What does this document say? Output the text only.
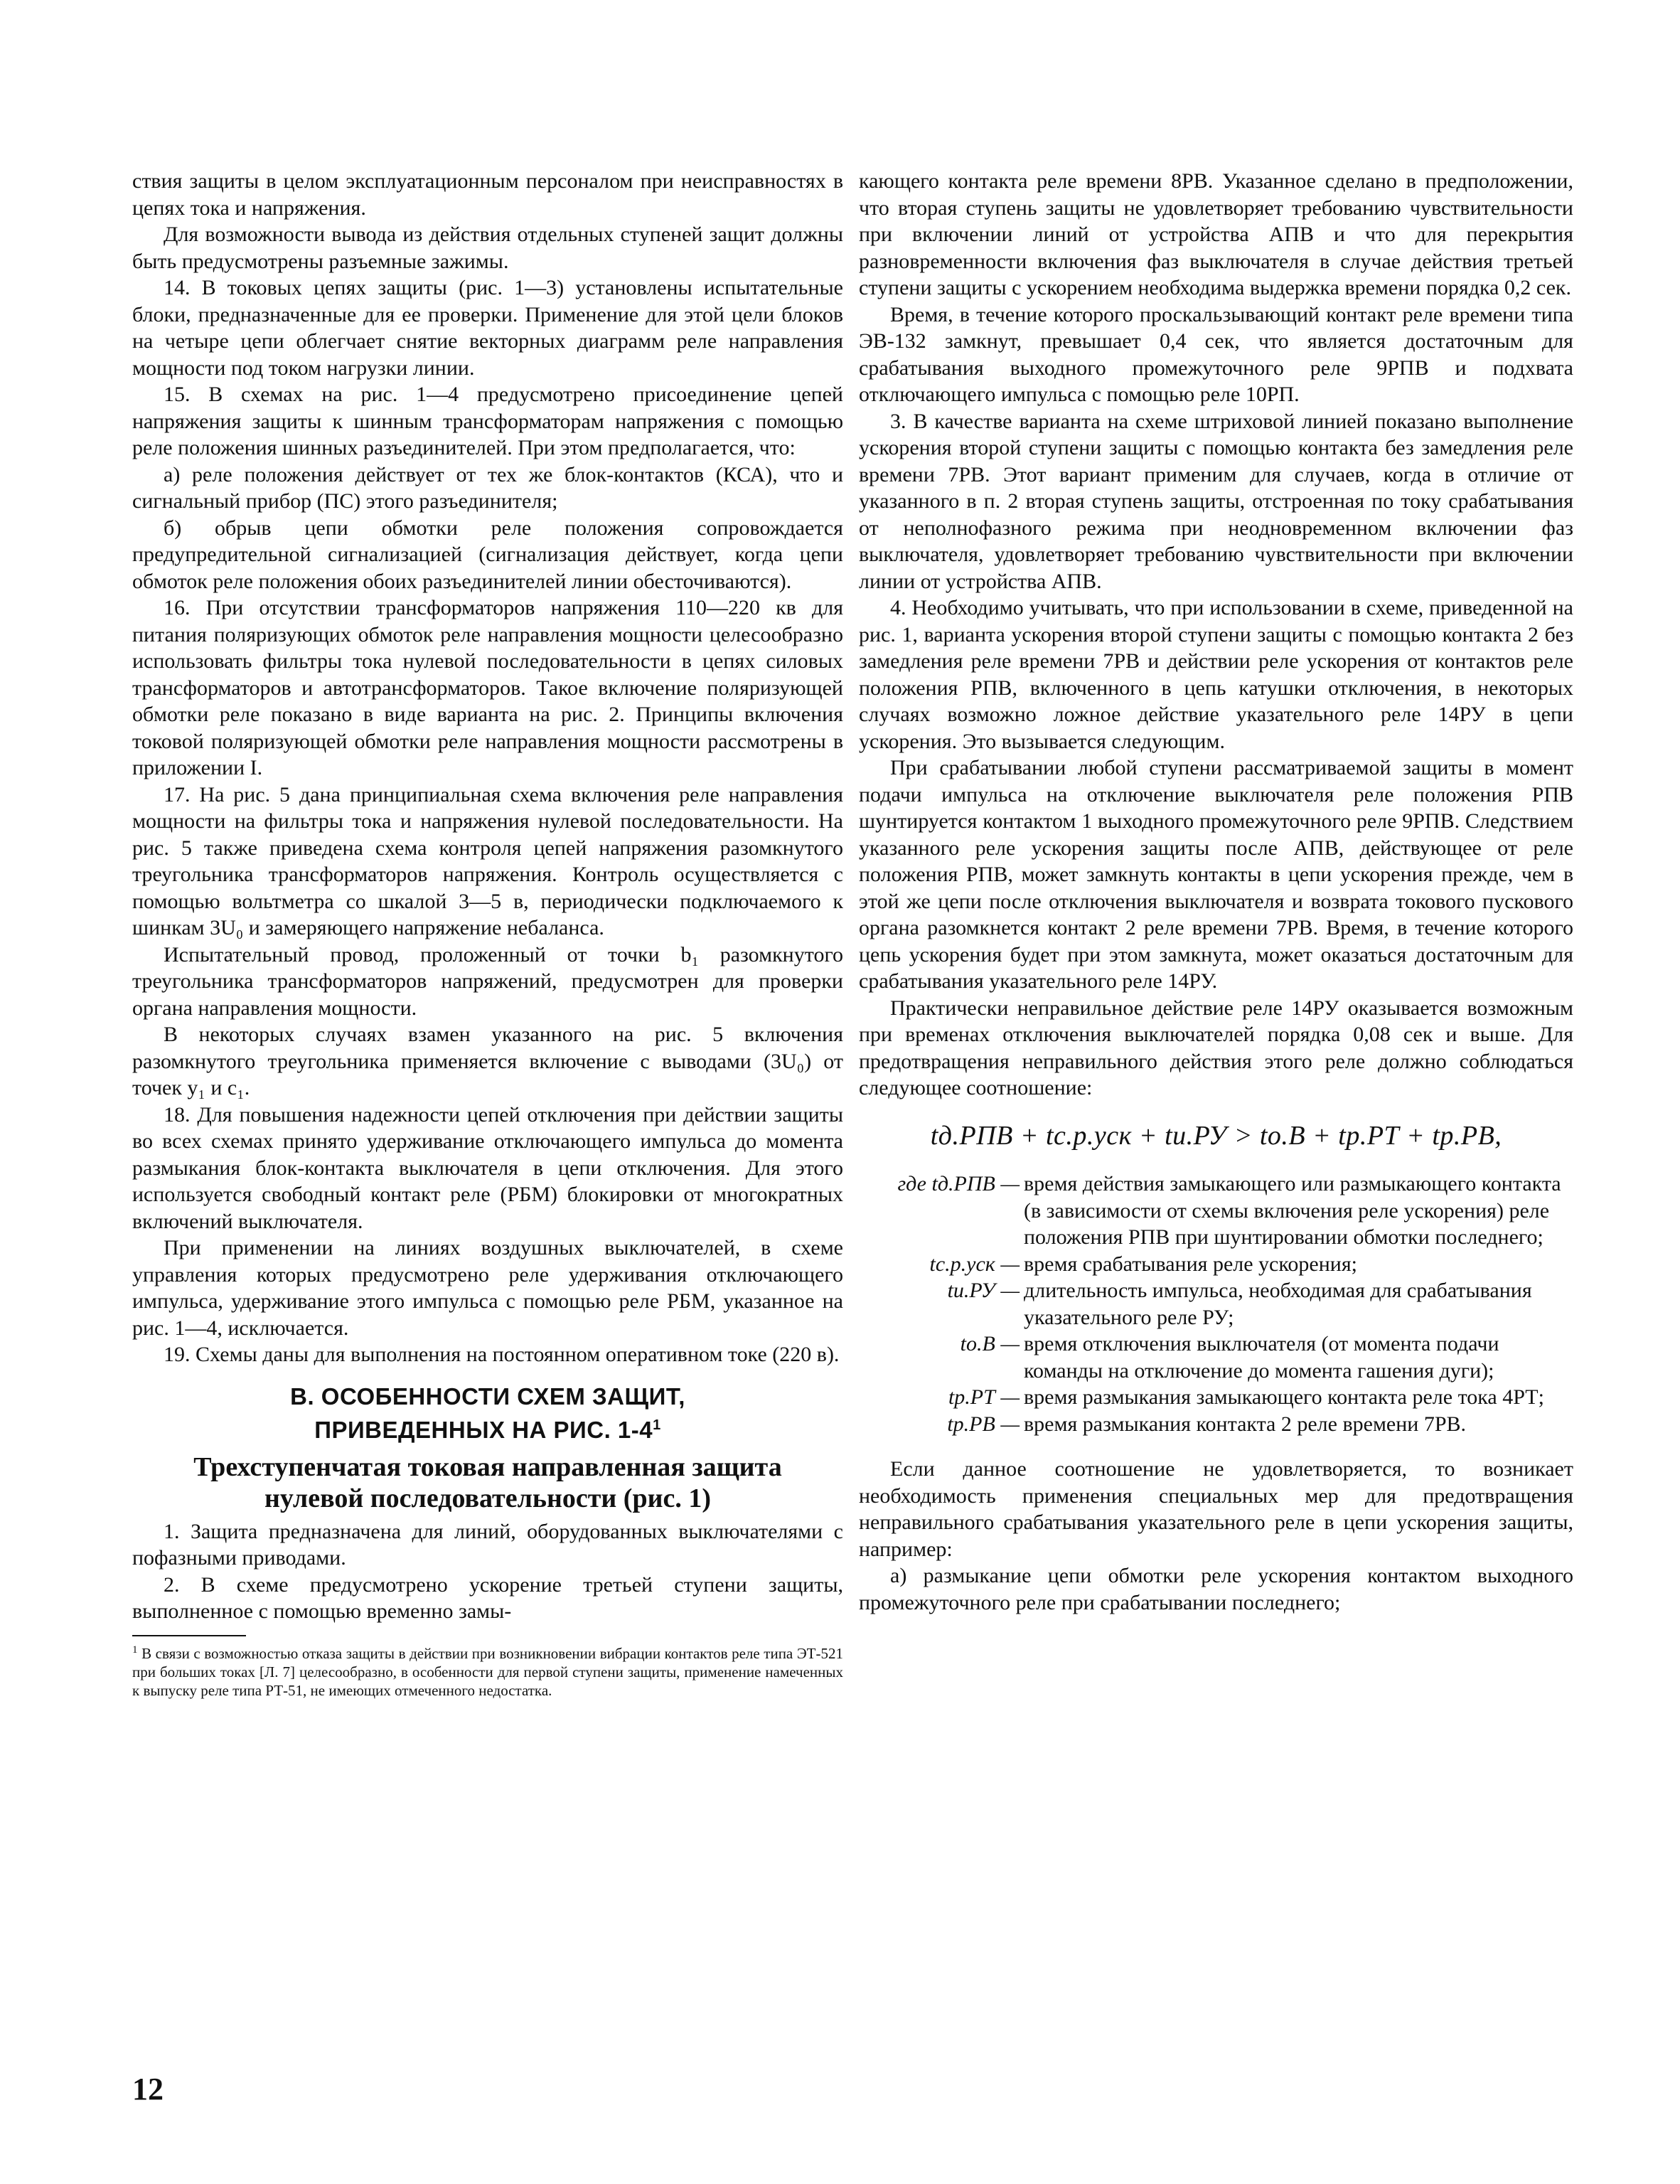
ствия защиты в целом эксплуатационным персоналом при неисправностях в цепях тока и напряжения.

Для возможности вывода из действия отдельных ступеней защит должны быть предусмотрены разъемные зажимы.

14. В токовых цепях защиты (рис. 1—3) установлены испытательные блоки, предназначенные для ее проверки. Применение для этой цели блоков на четыре цепи облегчает снятие векторных диаграмм реле направления мощности под током нагрузки линии.

15. В схемах на рис. 1—4 предусмотрено присоединение цепей напряжения защиты к шинным трансформаторам напряжения с помощью реле положения шинных разъединителей. При этом предполагается, что:

а) реле положения действует от тех же блок-контактов (КСА), что и сигнальный прибор (ПС) этого разъединителя;

б) обрыв цепи обмотки реле положения сопровождается предупредительной сигнализацией (сигнализация действует, когда цепи обмоток реле положения обоих разъединителей линии обесточиваются).

16. При отсутствии трансформаторов напряжения 110—220 кв для питания поляризующих обмоток реле направления мощности целесообразно использовать фильтры тока нулевой последовательности в цепях силовых трансформаторов и автотрансформаторов. Такое включение поляризующей обмотки реле показано в виде варианта на рис. 2. Принципы включения токовой поляризующей обмотки реле направления мощности рассмотрены в приложении I.

17. На рис. 5 дана принципиальная схема включения реле направления мощности на фильтры тока и напряжения нулевой последовательности. На рис. 5 также приведена схема контроля цепей напряжения разомкнутого треугольника трансформаторов напряжения. Контроль осуществляется с помощью вольтметра со шкалой 3—5 в, периодически подключаемого к шинкам 3U₀ и замеряющего напряжение небаланса.

Испытательный провод, проложенный от точки b₁ разомкнутого треугольника трансформаторов напряжений, предусмотрен для проверки органа направления мощности.

В некоторых случаях взамен указанного на рис. 5 включения разомкнутого треугольника применяется включение с выводами (3U₀) от точек y₁ и c₁.

18. Для повышения надежности цепей отключения при действии защиты во всех схемах принято удерживание отключающего импульса до момента размыкания блок-контакта выключателя в цепи отключения. Для этого используется свободный контакт реле (РБМ) блокировки от многократных включений выключателя.

При применении на линиях воздушных выключателей, в схеме управления которых предусмотрено реле удерживания отключающего импульса, удерживание этого импульса с помощью реле РБМ, указанное на рис. 1—4, исключается.

19. Схемы даны для выполнения на постоянном оперативном токе (220 в).

В. ОСОБЕННОСТИ СХЕМ ЗАЩИТ,
ПРИВЕДЕННЫХ НА РИС. $1-4^1$
Трехступенчатая токовая направленная защита
нулевой последовательности (рис. 1)

1. Защита предназначена для линий, оборудованных выключателями с пофазными приводами.

2. В схеме предусмотрено ускорение третьей ступени защиты, выполненное с помощью временно замы-

$^1$ В связи с возможностью отказа защиты в действии при возникновении вибрации контактов реле типа ЭТ-521 при больших токах [Л. 7] целесообразно, в особенности для первой ступени защиты, применение намеченных к выпуску реле типа РТ-51, не имеющих отмеченного недостатка.

кающего контакта реле времени 8РВ. Указанное сделано в предположении, что вторая ступень защиты не удовлетворяет требованию чувствительности при включении линий от устройства АПВ и что для перекрытия разновременности включения фаз выключателя в случае действия третьей ступени защиты с ускорением необходима выдержка времени порядка 0,2 сек.

Время, в течение которого проскальзывающий контакт реле времени типа ЭВ-132 замкнут, превышает 0,4 сек, что является достаточным для срабатывания выходного промежуточного реле 9РПВ и подхвата отключающего импульса с помощью реле 10РП.

3. В качестве варианта на схеме штриховой линией показано выполнение ускорения второй ступени защиты с помощью контакта без замедления реле времени 7РВ. Этот вариант применим для случаев, когда в отличие от указанного в п. 2 вторая ступень защиты, отстроенная по току срабатывания от неполнофазного режима при неодновременном включении фаз выключателя, удовлетворяет требованию чувствительности при включении линии от устройства АПВ.

4. Необходимо учитывать, что при использовании в схеме, приведенной на рис. 1, варианта ускорения второй ступени защиты с помощью контакта 2 без замедления реле времени 7РВ и действии реле ускорения от контактов реле положения РПВ, включенного в цепь катушки отключения, в некоторых случаях возможно ложное действие указательного реле 14РУ в цепи ускорения. Это вызывается следующим.

При срабатывании любой ступени рассматриваемой защиты в момент подачи импульса на отключение выключателя реле положения РПВ шунтируется контактом 1 выходного промежуточного реле 9РПВ. Следствием указанного реле ускорения защиты после АПВ, действующее от реле положения РПВ, может замкнуть контакты в цепи ускорения прежде, чем в этой же цепи после отключения выключателя и возврата токового пускового органа разомкнется контакт 2 реле времени 7РВ. Время, в течение которого цепь ускорения будет при этом замкнута, может оказаться достаточным для срабатывания указательного реле 14РУ.

Практически неправильное действие реле 14РУ оказывается возможным при временах отключения выключателей порядка 0,08 сек и выше. Для предотвращения неправильного действия этого реле должно соблюдаться следующее соотношение:

tд.РПВ + tс.р.уск + tи.РУ > tо.В + tр.РТ + tр.РВ,
где tд.РПВ —	время действия замыкающего или размыкающего контакта (в зависимости от схемы включения реле ускорения) реле положения РПВ при шунтировании обмотки последнего;
tс.р.уск —	время срабатывания реле ускорения;
tи.РУ —	длительность импульса, необходимая для срабатывания указательного реле РУ;
tо.В —	время отключения выключателя (от момента подачи команды на отключение до момента гашения дуги);
tр.РТ —	время размыкания замыкающего контакта реле тока 4РТ;
tр.РВ —	время размыкания контакта 2 реле времени 7РВ.

Если данное соотношение не удовлетворяется, то возникает необходимость применения специальных мер для предотвращения неправильного срабатывания указательного реле в цепи ускорения защиты, например:

а) размыкание цепи обмотки реле ускорения контактом выходного промежуточного реле при срабатывании последнего;

12
